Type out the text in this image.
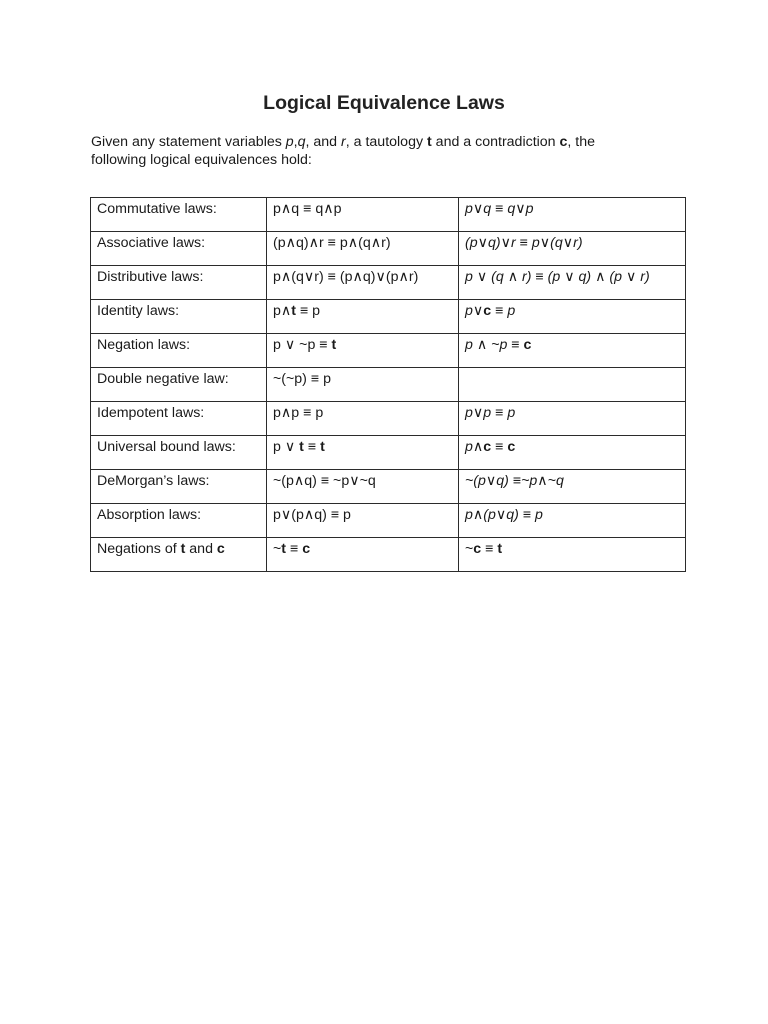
Logical Equivalence Laws

Given any statement variables p,q, and r, a tautology t and a contradiction c, the
following logical equivalences hold:

Commutative laws:	p∧q ≡ q∧p	p∨q ≡ q∨p
Associative laws:	(p∧q)∧r ≡ p∧(q∧r)	(p∨q)∨r ≡ p∨(q∨r)
Distributive laws:	p∧(q∨r) ≡ (p∧q)∨(p∧r)	p ∨ (q ∧ r) ≡ (p ∨ q) ∧ (p ∨ r)
Identity laws:	p∧t ≡ p	p∨c ≡ p
Negation laws:	p ∨ ~p ≡ t	p ∧ ~p ≡ c
Double negative law:	~(~p) ≡ p	
Idempotent laws:	p∧p ≡ p	p∨p ≡ p
Universal bound laws:	p ∨ t ≡ t	p∧c ≡ c
DeMorgan’s laws:	~(p∧q) ≡ ~p∨~q	~(p∨q) ≡~p∧~q
Absorption laws:	p∨(p∧q) ≡ p	p∧(p∨q) ≡ p
Negations of t and c	~t ≡ c	~c ≡ t
